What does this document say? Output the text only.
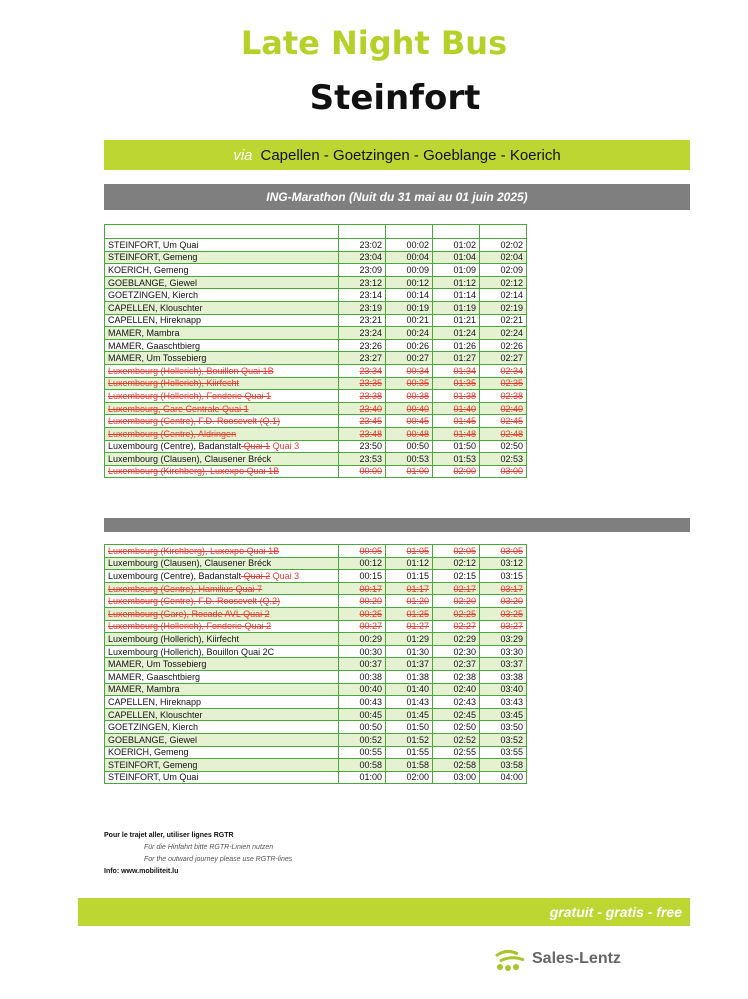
Late Night Bus
Steinfort
via Capellen - Goetzingen - Goeblange - Koerich
ING-Marathon (Nuit du 31 mai au 01 juin 2025)

STEINFORT, Um Quai	23:02	00:02	01:02	02:02
STEINFORT, Gemeng	23:04	00:04	01:04	02:04
KOERICH, Gemeng	23:09	00:09	01:09	02:09
GOEBLANGE, Giewel	23:12	00:12	01:12	02:12
GOETZINGEN, Kierch	23:14	00:14	01:14	02:14
CAPELLEN, Klouschter	23:19	00:19	01:19	02:19
CAPELLEN, Hireknapp	23:21	00:21	01:21	02:21
MAMER, Mambra	23:24	00:24	01:24	02:24
MAMER, Gaaschtbierg	23:26	00:26	01:26	02:26
MAMER, Um Tossebierg	23:27	00:27	01:27	02:27
Luxembourg (Hollerich), Bouillon Quai 1B	23:34	00:34	01:34	02:34
Luxembourg (Hollerich), Kiirfecht	23:35	00:35	01:35	02:35
Luxembourg (Hollerich), Fonderie Quai 1	23:38	00:38	01:38	02:38
Luxembourg, Gare Centrale Quai 1	23:40	00:40	01:40	02:40
Luxembourg (Centre), F.D. Roosevelt (Q.1)	23:45	00:45	01:45	02:45
Luxembourg (Centre), Aldringen	23:48	00:48	01:48	02:48
Luxembourg (Centre), Badanstalt Quai 1 Quai 3	23:50	00:50	01:50	02:50
Luxembourg (Clausen), Clausener Bréck	23:53	00:53	01:53	02:53
Luxembourg (Kirchberg), Luxexpo Quai 1B	00:00	01:00	02:00	03:00
Luxembourg (Kirchberg), Luxexpo Quai 1B	00:05	01:05	02:05	03:05
Luxembourg (Clausen), Clausener Bréck	00:12	01:12	02:12	03:12
Luxembourg (Centre), Badanstalt Quai 2 Quai 3	00:15	01:15	02:15	03:15
Luxembourg (Centre), Hamilius Quai 7	00:17	01:17	02:17	03:17
Luxembourg (Centre), F.D. Roosevelt (Q.2)	00:20	01:20	02:20	03:20
Luxembourg (Gare), Rocade AVL Quai 2	00:25	01:25	02:25	03:25
Luxembourg (Hollerich), Fonderie Quai 2	00:27	01:27	02:27	03:27
Luxembourg (Hollerich), Kiirfecht	00:29	01:29	02:29	03:29
Luxembourg (Hollerich), Bouillon Quai 2C	00:30	01:30	02:30	03:30
MAMER, Um Tossebierg	00:37	01:37	02:37	03:37
MAMER, Gaaschtbierg	00:38	01:38	02:38	03:38
MAMER, Mambra	00:40	01:40	02:40	03:40
CAPELLEN, Hireknapp	00:43	01:43	02:43	03:43
CAPELLEN, Klouschter	00:45	01:45	02:45	03:45
GOETZINGEN, Kierch	00:50	01:50	02:50	03:50
GOEBLANGE, Giewel	00:52	01:52	02:52	03:52
KOERICH, Gemeng	00:55	01:55	02:55	03:55
STEINFORT, Gemeng	00:58	01:58	02:58	03:58
STEINFORT, Um Quai	01:00	02:00	03:00	04:00
Pour le trajet aller, utiliser lignes RGTR
Für die Hinfahrt bitte RGTR-Linien nutzen
For the outward journey please use RGTR-lines
Info: www.mobiliteit.lu
gratuit - gratis - free
Sales-Lentz
